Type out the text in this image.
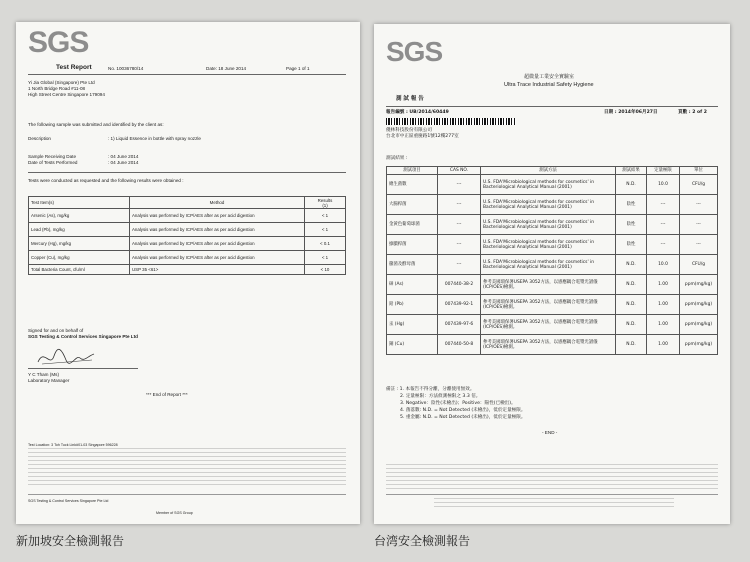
SGS
Test Report	No. 10036780/14	Date: 18 June 2014	Page 1 of 1
Yi Jia Global (Singapore) Pte Ltd
1 North Bridge Road #11-08
High Street Centre Singapore 179094
The following sample was submitted and identified by the client as:
Description	: 1) Liquid Essence in bottle with spray nozzle
Sample Receiving Date	: 04 June 2014
Date of Tests Performed	: 04 June 2014
Tests were conducted as requested and the following results were obtained :
Test Item(s)	Method	Results
(1)
Arsenic (As), mg/kg	Analysis was performed by ICP/AES after as per acid digestion	< 1
Lead (Pb), mg/kg	Analysis was performed by ICP/AES after as per acid digestion	< 1
Mercury (Hg), mg/kg	Analysis was performed by ICP/AES after as per acid digestion	< 0.1
Copper (Cu), mg/kg	Analysis was performed by ICP/AES after as per acid digestion	< 1
Total Bacteria Count, cfu/ml	USP 35 <61>	< 10
Signed for and on behalf of
SGS Testing & Control Services Singapore Pte Ltd
Y C Tham (Ms)
Laboratory Manager
*** End of Report ***
Test Location: 3 Toh Tuck Link#01-03 Singapore 596228
SGS Testing & Control Services Singapore Pte Ltd
Member of SGS Group
SGS
超微量工業安全實驗室
Ultra Trace Industrial Safety Hygiene
測 試 報 告
報告編號 : UB/2014/60449	日期 : 2014年06月27日	頁數 : 2 of 2
優林科技股份有限公司
台北市中正區重慶路1號12樓277室
測試結果 :
測試項目	CAS NO.	測試方法	測試結果	定量極限	單位
總生菌數	---	U.S. FDA'Microbiological methods for cosmetics' in Bacteriological Analytical Manual (2001)	N.D.	10.0	CFU/g
大腸桿菌	---	U.S. FDA'Microbiological methods for cosmetics' in Bacteriological Analytical Manual (2001)	陰性	---	---
金黃色葡萄球菌	---	U.S. FDA'Microbiological methods for cosmetics' in Bacteriological Analytical Manual (2001)	陰性	---	---
綠膿桿菌	---	U.S. FDA'Microbiological methods for cosmetics' in Bacteriological Analytical Manual (2001)	陰性	---	---
黴菌及酵母菌	---	U.S. FDA'Microbiological methods for cosmetics' in Bacteriological Analytical Manual (2001)	N.D.	10.0	CFU/g
砷 (As)	007440-38-2	參考美國環保署USEPA 3052方法，以感應耦合電漿光譜儀(ICP/OES)檢測。	N.D.	1.00	ppm(mg/kg)
鉛 (Pb)	007439-92-1	參考美國環保署USEPA 3052方法，以感應耦合電漿光譜儀(ICP/OES)檢測。	N.D.	1.00	ppm(mg/kg)
汞 (Hg)	007439-97-6	參考美國環保署USEPA 3052方法，以感應耦合電漿光譜儀(ICP/OES)檢測。	N.D.	1.00	ppm(mg/kg)
銅 (Cu)	007440-50-8	參考美國環保署USEPA 3052方法，以感應耦合電漿光譜儀(ICP/OES)檢測。	N.D.	1.00	ppm(mg/kg)
備註 : 1. 本報告不得分離，分離使用無效。
2. 定量極限：方法偵測極限之 3.3 倍。
3. Negative：陰性(未檢出)；Positive：陽性(已檢出)。
4. 菌落數: N.D. = Not Detected (未檢出)，低於定量極限。
5. 重金屬: N.D. = Not Detected (未檢出)，低於定量極限。
- END -
新加坡安全檢測報告	台湾安全檢測報告
